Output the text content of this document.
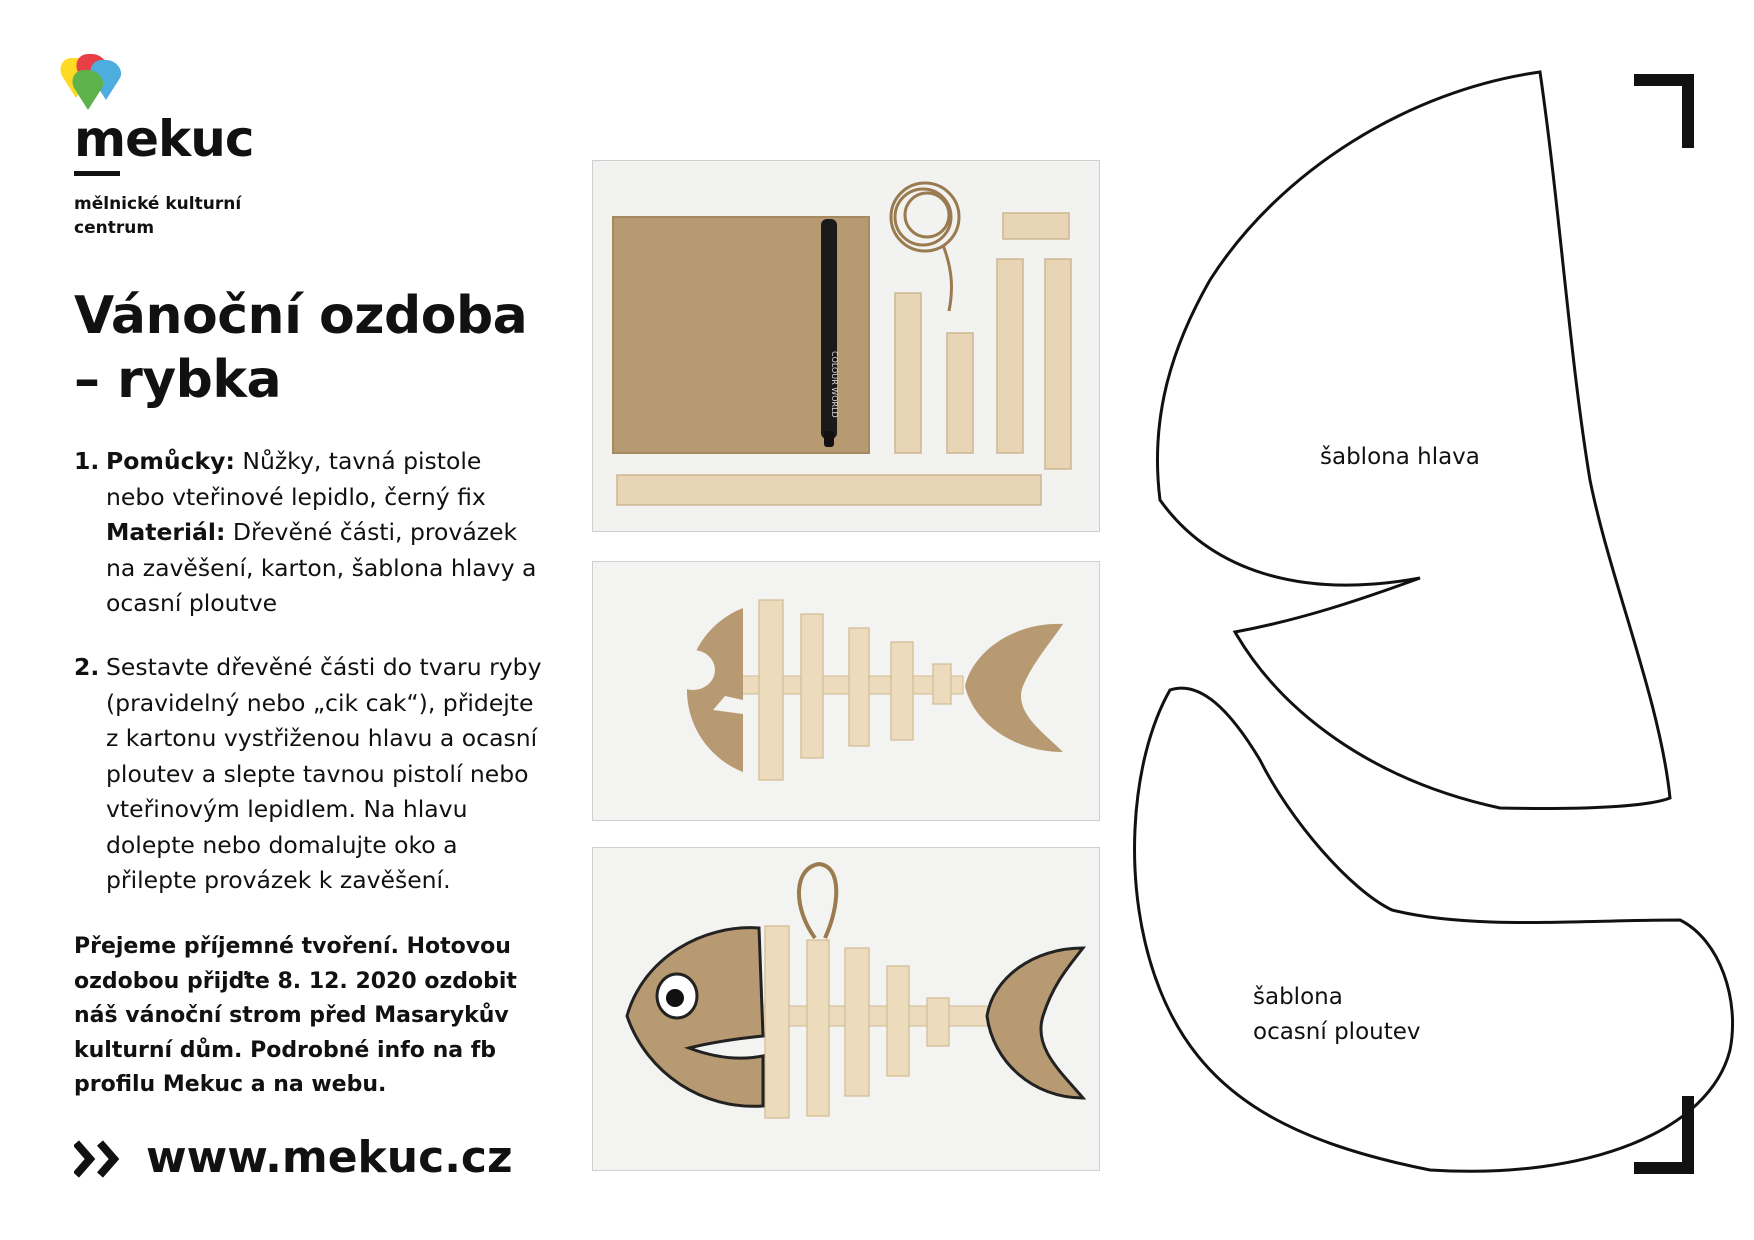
mekuc
mělnické kulturní centrum
Vánoční ozdoba – rybka
1. Pomůcky: Nůžky, tavná pistole nebo vteřinové lepidlo, černý fix
Materiál: Dřevěné části, provázek na zavěšení, karton, šablona hlavy a ocasní ploutve
2. Sestavte dřevěné části do tvaru ryby (pravidelný nebo „cik cak“), přidejte z kartonu vystřiženou hlavu a ocasní ploutev a slepte tavnou pistolí nebo vteřinovým lepidlem. Na hlavu dolepte nebo domalujte oko a přilepte provázek k zavěšení.
Přejeme příjemné tvoření. Hotovou ozdobou přijďte 8. 12. 2020 ozdobit náš vánoční strom před Masarykův kulturní dům. Podrobné info na fb profilu Mekuc a na webu.
www.mekuc.cz
COLOUR WORLD
šablona hlava
šablona
ocasní ploutev
